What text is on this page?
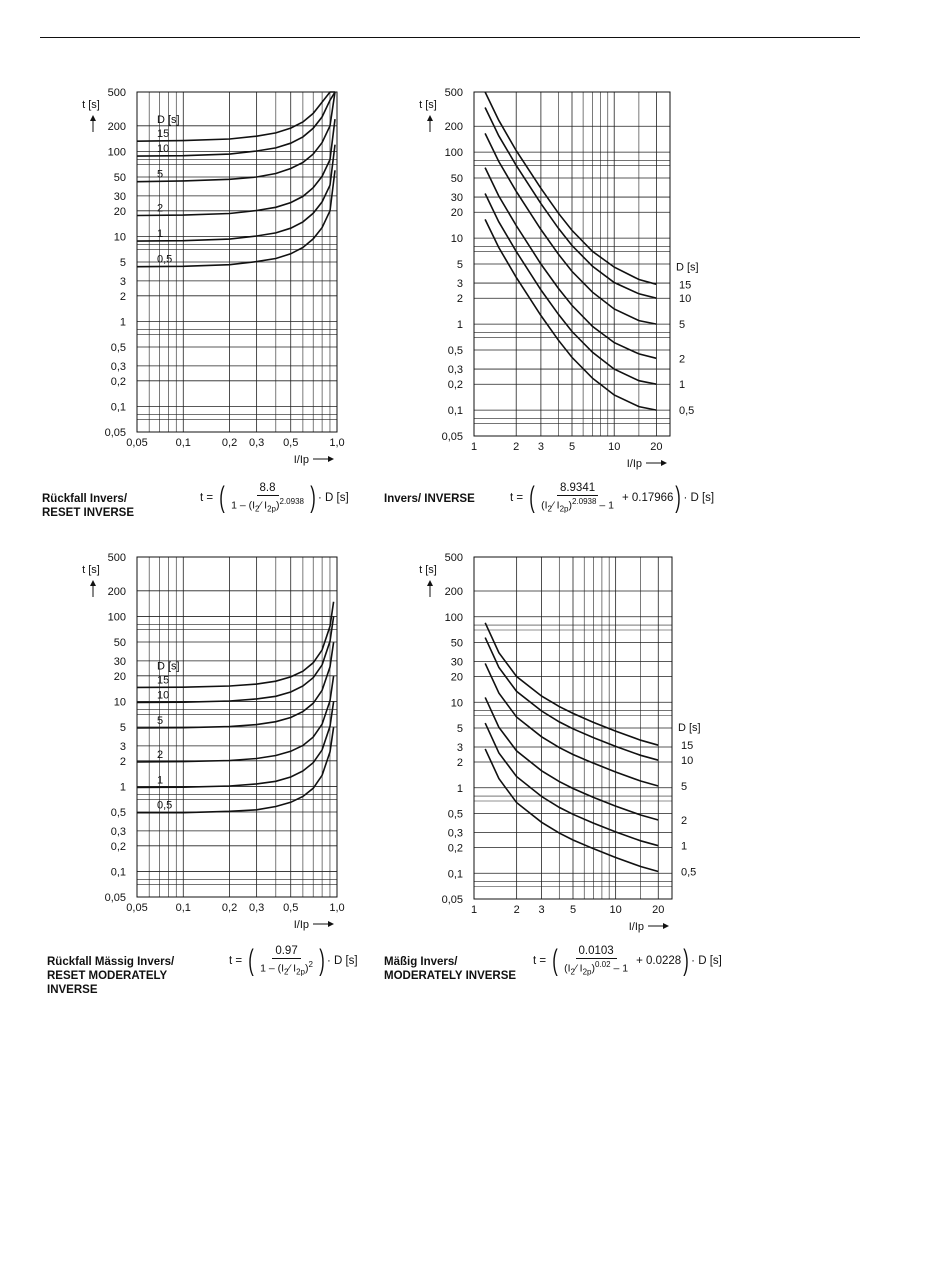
500
200
100
50
30
20
10
5
3
2
1
0,5
0,3
0,2
0,1
0,05
0,05	0,1	0,2 0,3 0,5	1,0
t [s]
I/Ip
15
10
5
2
1
0,5
D [s]
500
200
100
50
30
20
10
5
3
2
1
0,5
0,3
0,2
0,1
0,05
1	2 3 5	10	20
t [s]
I/Ip
15
10
5
2
1
0,5
D [s]
500
200
100
50
30
20
10
5
3
2
1
0,5
0,3
0,2
0,1
0,05
0,05	0,1	0,2 0,3 0,5	1,0
t [s]
I/Ip
15
10
5
2
1
0,5
D [s]
500
200
100
50
30
20
10
5
3
2
1
0,5
0,3
0,2
0,1
0,05
1	2 3 5	10	20
t [s]
I/Ip
15
10
5
2
1
0,5
D [s]
Rückfall Invers/
RESET INVERSE
Invers/ INVERSE
Rückfall Mässig Invers/
RESET MODERATELY
INVERSE
Mäßig Invers/
MODERATELY INVERSE
t = ( $\frac{8.8}{1 - (I_2⁄ I_{2p})^{2.0938}}$ ) · D [s]	t = ( $\frac{8.9341}{(I_2⁄ I_{2p})^{2.0938} - 1} + 0.17966$ ) · D [s]
t = ( $\frac{0.97}{1 - (I_2⁄ I_{2p})^2}$ ) · D [s]	t = ( $\frac{0.0103}{(I_2⁄ I_{2p})^{0.02} - 1} + 0.0228$ ) · D [s]
